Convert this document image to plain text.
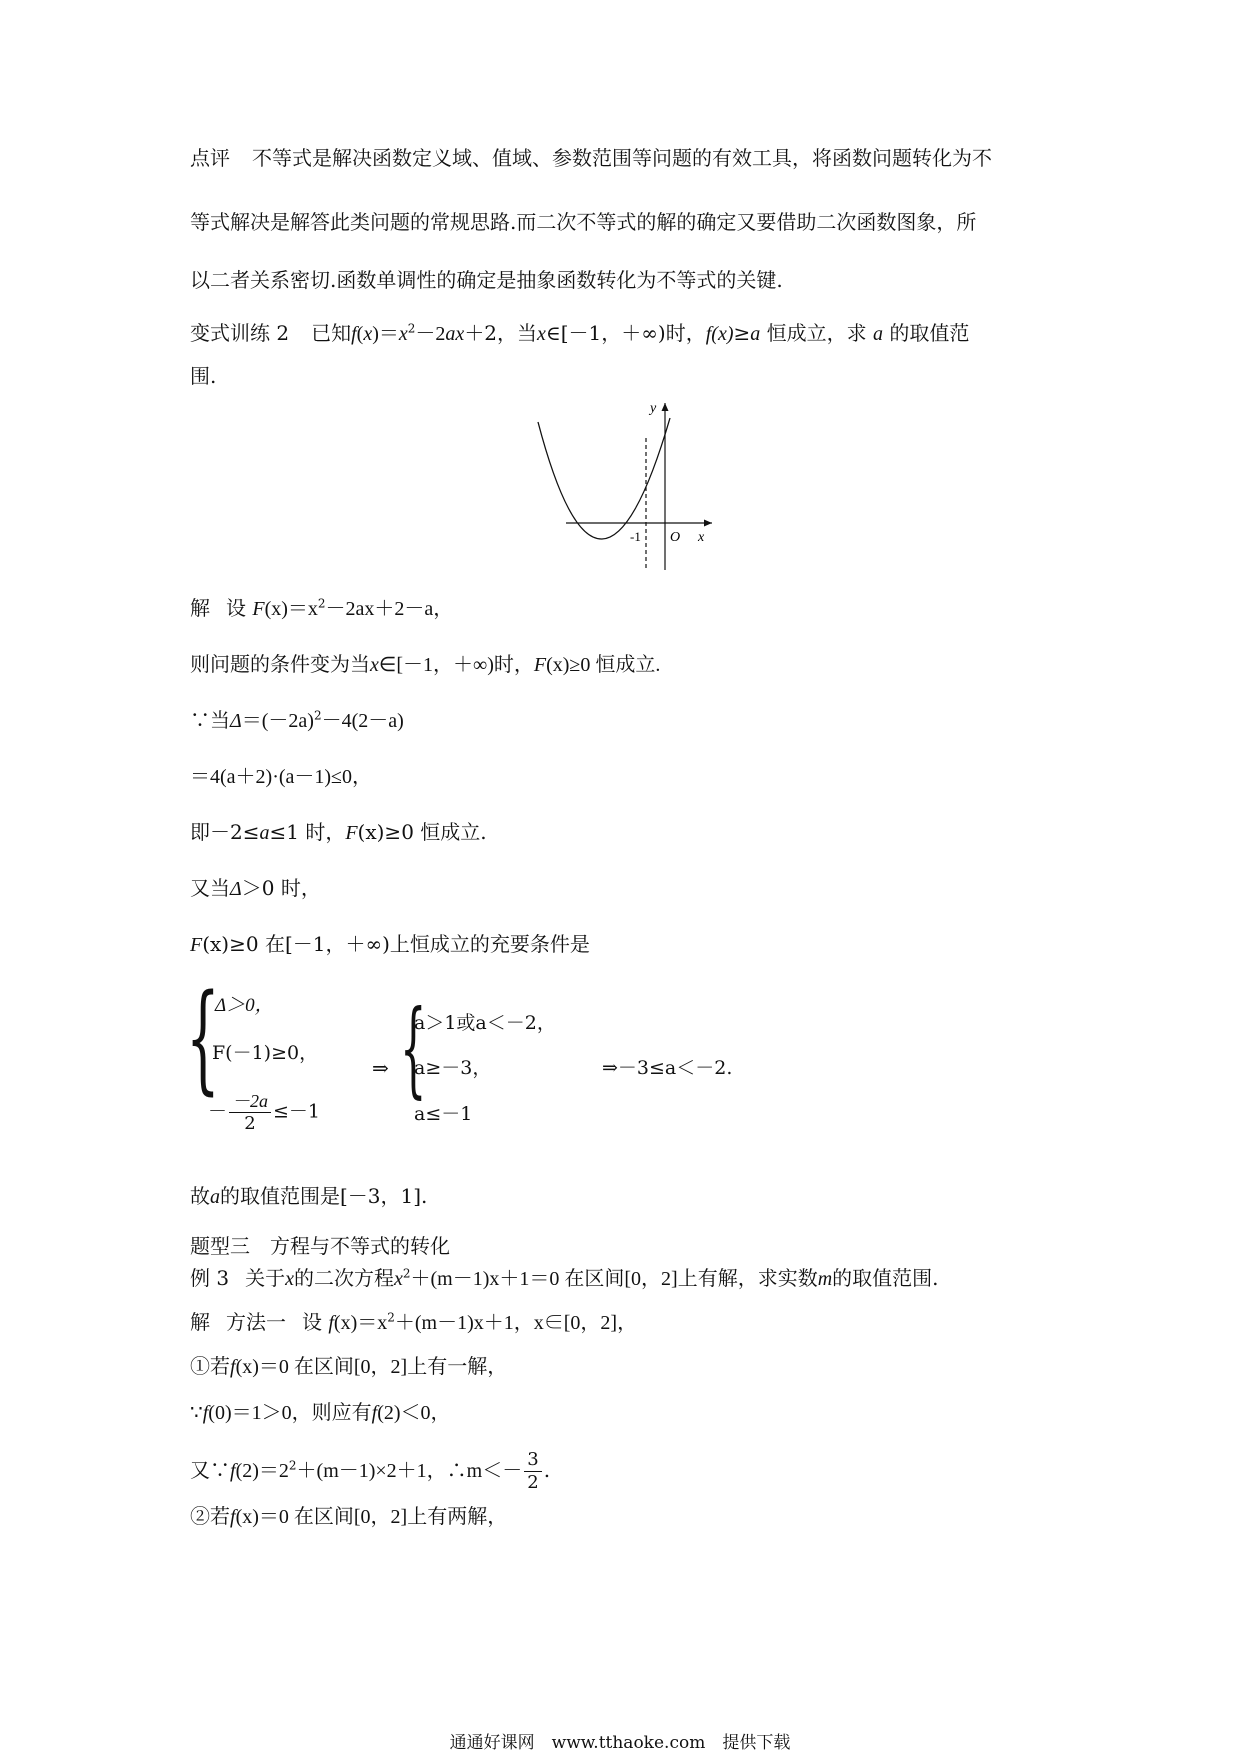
点评 不等式是解决函数定义域、值域、参数范围等问题的有效工具，将函数问题转化为不
等式解决是解答此类问题的常规思路.而二次不等式的解的确定又要借助二次函数图象，所
以二者关系密切.函数单调性的确定是抽象函数转化为不等式的关键.
变式训练 2 已知$f(x)=x^2-2ax+2$，当x∈[－1，＋∞)时，f(x)≥a 恒成立，求 a 的取值范
围.
y
x
O
-1
解 设 $F(x)=x^2-2ax+2-a$，
则问题的条件变为当x∈[－1，＋∞)时，F(x)≥0 恒成立.
∵当$\Delta=(-2a)^2-4(2-a)$
＝4(a＋2)·(a－1)≤0，
即－2≤a≤1 时，F(x)≥0 恒成立.
又当Δ＞0 时，
F(x)≥0 在[－1，＋∞)上恒成立的充要条件是
{
Δ＞0，
F(－1)≥0，
－ $\frac{-2a}{2} \le-1$
⇒ {
a＞1或a＜－2，
a≥－3，
a≤－1
⇒－3≤a＜－2.
故a的取值范围是[－3，1].
题型三　方程与不等式的转化
例 3 关于x的二次方程$x^2+(m-1)x+1=0$ 在区间[0，2]上有解，求实数m的取值范围.
解 方法一 设 $f(x)=x^2+(m-1)x+1$，x∈[0，2]，
①若f(x)＝0 在区间[0，2]上有一解，
∵f(0)＝1＞0，则应有f(2)＜0，
又$\because f(2)=2^2+(m-1)\times 2+1$，∴m＜－ $\frac{3}{2}$ .
②若f(x)＝0 在区间[0，2]上有两解，
通通好课网　www.tthaoke.com　提供下载
